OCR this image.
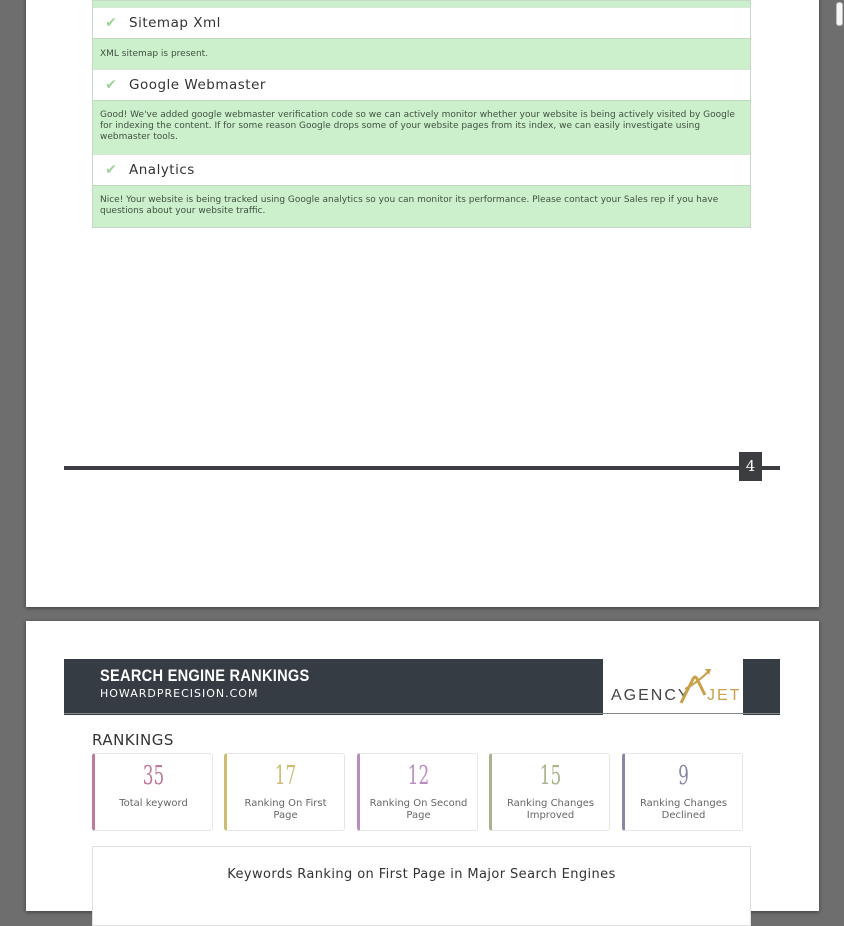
✔ Sitemap Xml
XML sitemap is present.
✔ Google Webmaster
Good! We've added google webmaster verification code so we can actively monitor whether your website is being actively visited by Google for indexing the content. If for some reason Google drops some of your website pages from its index, we can easily investigate using webmaster tools.
✔ Analytics
Nice! Your website is being tracked using Google analytics so you can monitor its performance. Please contact your Sales rep if you have questions about your website traffic.
4
SEARCH ENGINE RANKINGS
HOWARDPRECISION.COM	AGENCY JET
RANKINGS
35
Total keyword
17
Ranking On First Page
12
Ranking On Second Page
15
Ranking Changes Improved
9
Ranking Changes Declined
Keywords Ranking on First Page in Major Search Engines
